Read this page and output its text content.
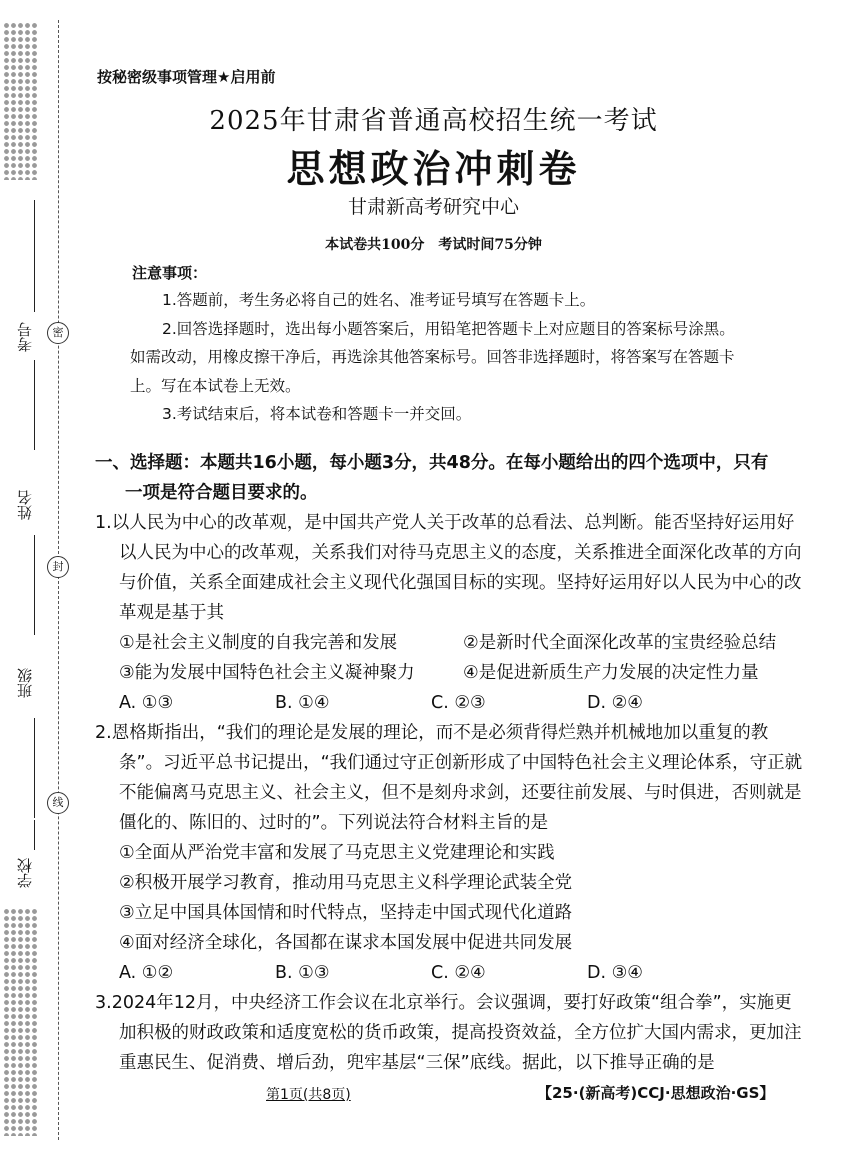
考号
姓名
班级
学校
密
封
线
按秘密级事项管理★启用前
2025年甘肃省普通高校招生统一考试
思想政治冲刺卷
甘肃新高考研究中心
本试卷共100分　考试时间75分钟
注意事项：

1.答题前，考生务必将自己的姓名、准考证号填写在答题卡上。

2.回答选择题时，选出每小题答案后，用铅笔把答题卡上对应题目的答案标号涂黑。

如需改动，用橡皮擦干净后，再选涂其他答案标号。回答非选择题时，将答案写在答题卡

上。写在本试卷上无效。

3.考试结束后，将本试卷和答题卡一并交回。

一、选择题：本题共16小题，每小题3分，共48分。在每小题给出的四个选项中，只有
一项是符合题目要求的。
1.以人民为中心的改革观，是中国共产党人关于改革的总看法、总判断。能否坚持好运用好以人民为中心的改革观，关系我们对待马克思主义的态度，关系推进全面深化改革的方向与价值，关系全面建成社会主义现代化强国目标的实现。坚持好运用好以人民为中心的改革观是基于其
①是社会主义制度的自我完善和发展	②是新时代全面深化改革的宝贵经验总结
③能为发展中国特色社会主义凝神聚力	④是促进新质生产力发展的决定性力量
A. ①③	B. ①④	C. ②③	D. ②④
2.恩格斯指出，“我们的理论是发展的理论，而不是必须背得烂熟并机械地加以重复的教条”。习近平总书记提出，“我们通过守正创新形成了中国特色社会主义理论体系，守正就不能偏离马克思主义、社会主义，但不是刻舟求剑，还要往前发展、与时俱进，否则就是僵化的、陈旧的、过时的”。下列说法符合材料主旨的是
①全面从严治党丰富和发展了马克思主义党建理论和实践
②积极开展学习教育，推动用马克思主义科学理论武装全党
③立足中国具体国情和时代特点，坚持走中国式现代化道路
④面对经济全球化，各国都在谋求本国发展中促进共同发展
A. ①②	B. ①③	C. ②④	D. ③④
3.2024年12月，中央经济工作会议在北京举行。会议强调，要打好政策“组合拳”，实施更加积极的财政政策和适度宽松的货币政策，提高投资效益，全方位扩大国内需求，更加注重惠民生、促消费、增后劲，兜牢基层“三保”底线。据此，以下推导正确的是
第1页(共8页)	【25·(新高考)CCJ·思想政治·GS】
